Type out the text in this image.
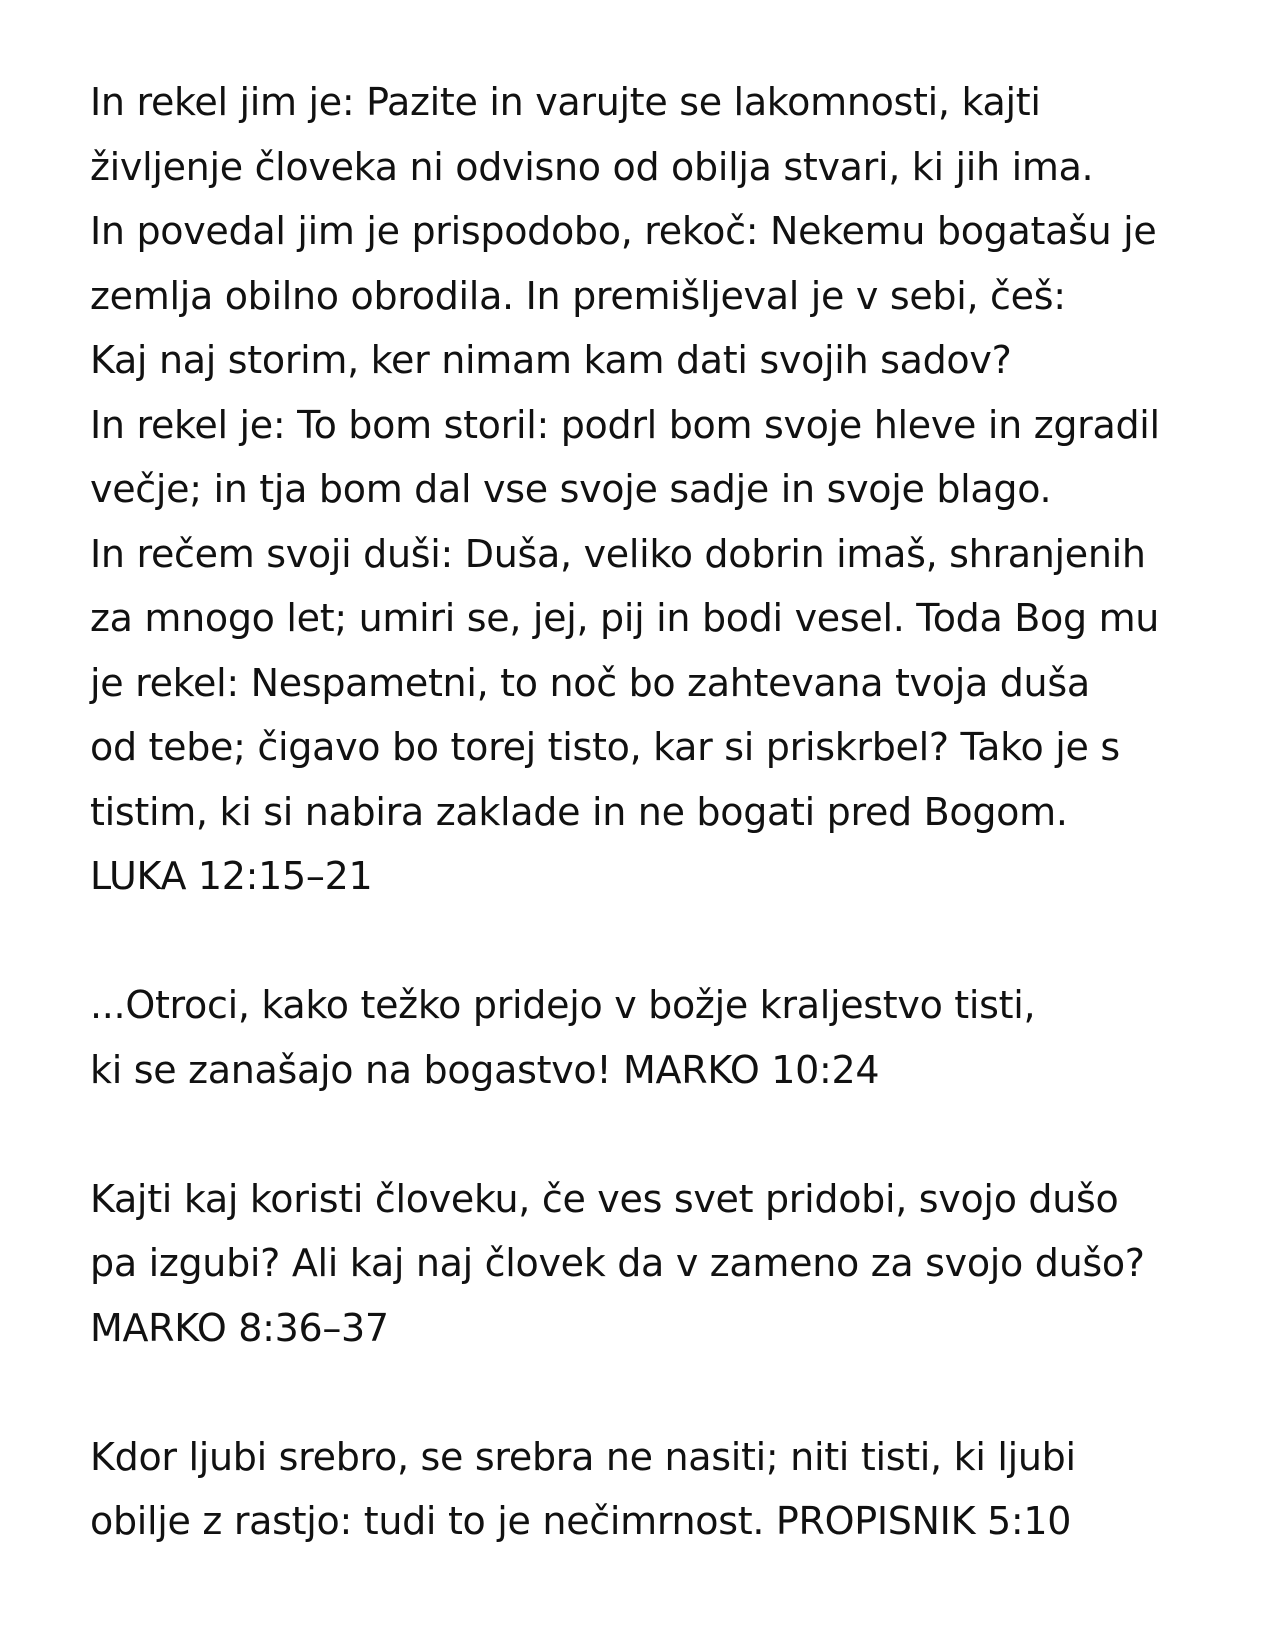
In rekel jim je: Pazite in varujte se lakomnosti, kajti
življenje človeka ni odvisno od obilja stvari, ki jih ima.
In povedal jim je prispodobo, rekoč: Nekemu bogatašu je
zemlja obilno obrodila. In premišljeval je v sebi, češ:
Kaj naj storim, ker nimam kam dati svojih sadov?
In rekel je: To bom storil: podrl bom svoje hleve in zgradil
večje; in tja bom dal vse svoje sadje in svoje blago.
In rečem svoji duši: Duša, veliko dobrin imaš, shranjenih
za mnogo let; umiri se, jej, pij in bodi vesel. Toda Bog mu
je rekel: Nespametni, to noč bo zahtevana tvoja duša
od tebe; čigavo bo torej tisto, kar si priskrbel? Tako je s
tistim, ki si nabira zaklade in ne bogati pred Bogom.
LUKA 12:15–21
...Otroci, kako težko pridejo v božje kraljestvo tisti,
ki se zanašajo na bogastvo! MARKO 10:24
Kajti kaj koristi človeku, če ves svet pridobi, svojo dušo
pa izgubi? Ali kaj naj človek da v zameno za svojo dušo?
MARKO 8:36–37
Kdor ljubi srebro, se srebra ne nasiti; niti tisti, ki ljubi
obilje z rastjo: tudi to je nečimrnost. PROPISNIK 5:10
